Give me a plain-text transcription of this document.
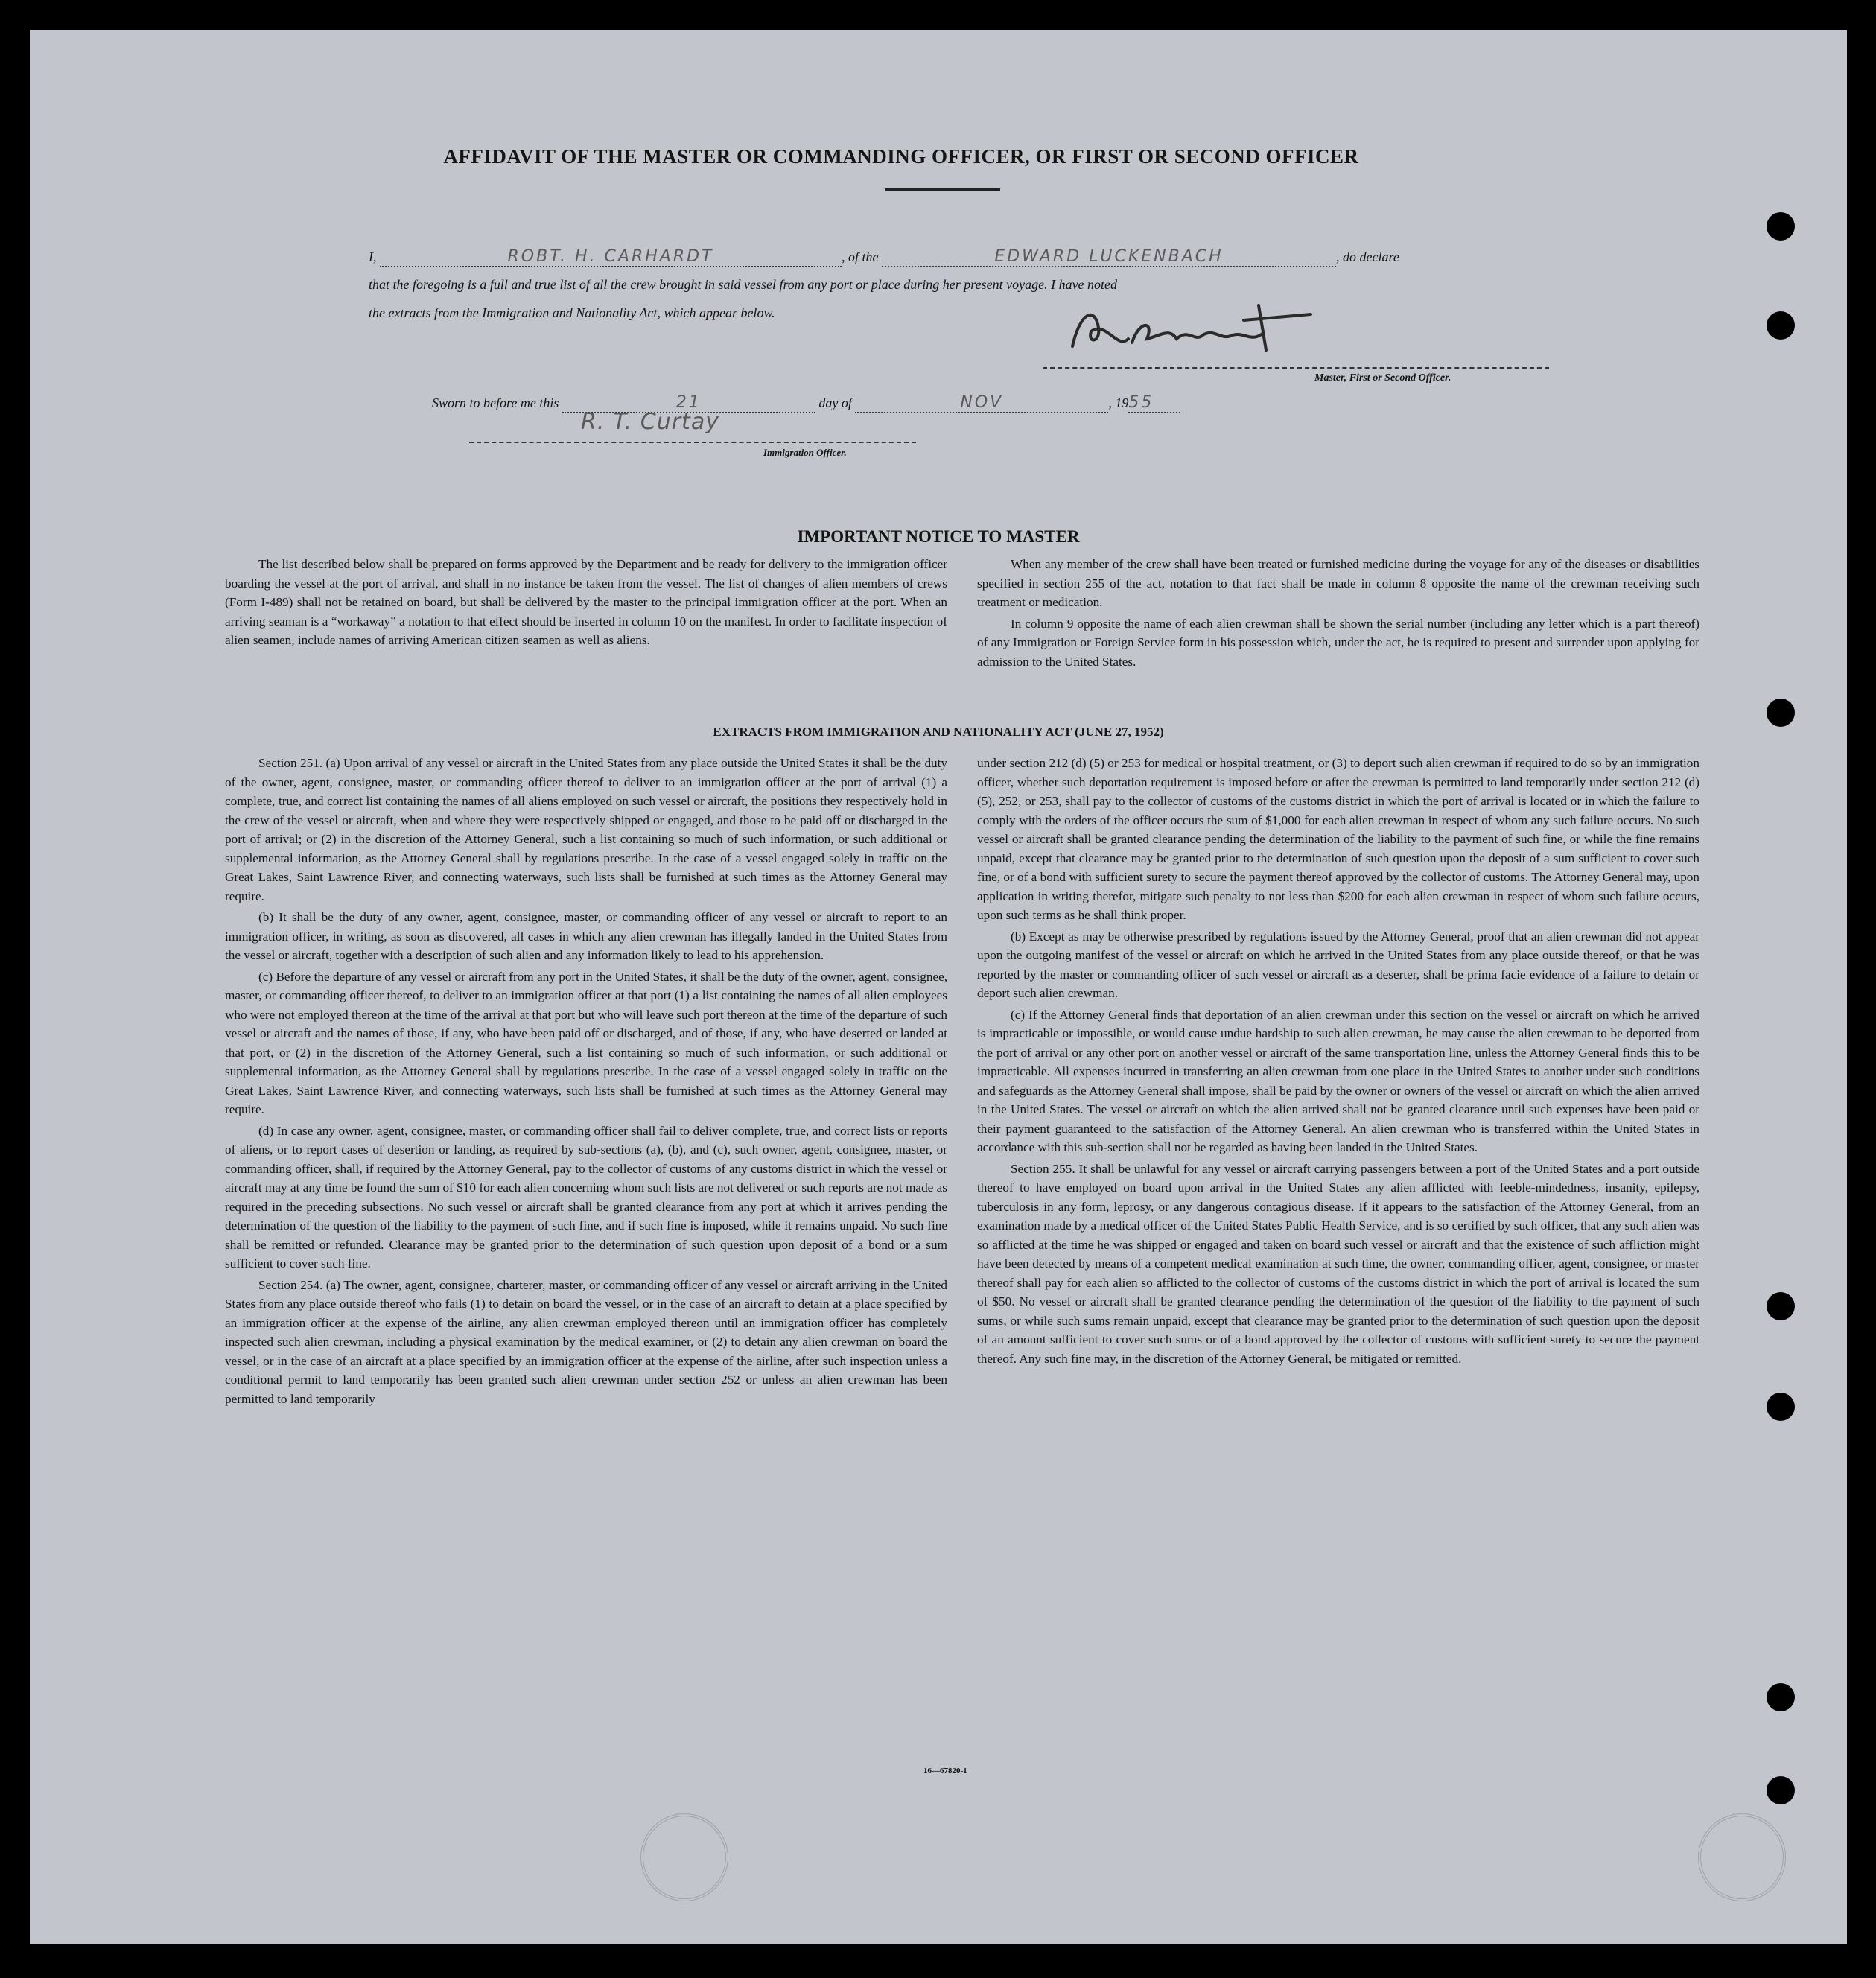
AFFIDAVIT OF THE MASTER OR COMMANDING OFFICER, OR FIRST OR SECOND OFFICER
I,	ROBT. H. CARHARDT	, of the	EDWARD LUCKENBACH	, do declare
that the foregoing is a full and true list of all the crew brought in said vessel from any port or place during her present voyage. I have noted
the extracts from the Immigration and Nationality Act, which appear below.
Master, First or Second Officer.
Sworn to before me this	21	day of	NOV	, 1955
R. T. Curtay
Immigration Officer.
IMPORTANT NOTICE TO MASTER

The list described below shall be prepared on forms approved by the Department and be ready for delivery to the immigration officer boarding the vessel at the port of arrival, and shall in no instance be taken from the vessel. The list of changes of alien members of crews (Form I-489) shall not be retained on board, but shall be delivered by the master to the principal immigration officer at the port. When an arriving seaman is a “workaway” a notation to that effect should be inserted in column 10 on the manifest. In order to facilitate inspection of alien seamen, include names of arriving American citizen seamen as well as aliens.

When any member of the crew shall have been treated or furnished medicine during the voyage for any of the diseases or disabilities specified in section 255 of the act, notation to that fact shall be made in column 8 opposite the name of the crewman receiving such treatment or medication.

In column 9 opposite the name of each alien crewman shall be shown the serial number (including any letter which is a part thereof) of any Immigration or Foreign Service form in his possession which, under the act, he is required to present and surrender upon applying for admission to the United States.

EXTRACTS FROM IMMIGRATION AND NATIONALITY ACT (JUNE 27, 1952)

Section 251. (a) Upon arrival of any vessel or aircraft in the United States from any place outside the United States it shall be the duty of the owner, agent, consignee, master, or commanding officer thereof to deliver to an immigration officer at the port of arrival (1) a complete, true, and correct list containing the names of all aliens employed on such vessel or aircraft, the positions they respectively hold in the crew of the vessel or aircraft, when and where they were respectively shipped or engaged, and those to be paid off or discharged in the port of arrival; or (2) in the discretion of the Attorney General, such a list containing so much of such information, or such additional or supplemental information, as the Attorney General shall by regulations prescribe. In the case of a vessel engaged solely in traffic on the Great Lakes, Saint Lawrence River, and connecting waterways, such lists shall be furnished at such times as the Attorney General may require.

(b) It shall be the duty of any owner, agent, consignee, master, or commanding officer of any vessel or aircraft to report to an immigration officer, in writing, as soon as discovered, all cases in which any alien crewman has illegally landed in the United States from the vessel or aircraft, together with a description of such alien and any information likely to lead to his apprehension.

(c) Before the departure of any vessel or aircraft from any port in the United States, it shall be the duty of the owner, agent, consignee, master, or commanding officer thereof, to deliver to an immigration officer at that port (1) a list containing the names of all alien employees who were not employed thereon at the time of the arrival at that port but who will leave such port thereon at the time of the departure of such vessel or aircraft and the names of those, if any, who have been paid off or discharged, and of those, if any, who have deserted or landed at that port, or (2) in the discretion of the Attorney General, such a list containing so much of such information, or such additional or supplemental information, as the Attorney General shall by regulations prescribe. In the case of a vessel engaged solely in traffic on the Great Lakes, Saint Lawrence River, and connecting waterways, such lists shall be furnished at such times as the Attorney General may require.

(d) In case any owner, agent, consignee, master, or commanding officer shall fail to deliver complete, true, and correct lists or reports of aliens, or to report cases of desertion or landing, as required by sub-sections (a), (b), and (c), such owner, agent, consignee, master, or commanding officer, shall, if required by the Attorney General, pay to the collector of customs of any customs district in which the vessel or aircraft may at any time be found the sum of $10 for each alien concerning whom such lists are not delivered or such reports are not made as required in the preceding subsections. No such vessel or aircraft shall be granted clearance from any port at which it arrives pending the determination of the question of the liability to the payment of such fine, and if such fine is imposed, while it remains unpaid. No such fine shall be remitted or refunded. Clearance may be granted prior to the determination of such question upon deposit of a bond or a sum sufficient to cover such fine.

Section 254. (a) The owner, agent, consignee, charterer, master, or commanding officer of any vessel or aircraft arriving in the United States from any place outside thereof who fails (1) to detain on board the vessel, or in the case of an aircraft to detain at a place specified by an immigration officer at the expense of the airline, any alien crewman employed thereon until an immigration officer has completely inspected such alien crewman, including a physical examination by the medical examiner, or (2) to detain any alien crewman on board the vessel, or in the case of an aircraft at a place specified by an immigration officer at the expense of the airline, after such inspection unless a conditional permit to land temporarily has been granted such alien crewman under section 252 or unless an alien crewman has been permitted to land temporarily

under section 212 (d) (5) or 253 for medical or hospital treatment, or (3) to deport such alien crewman if required to do so by an immigration officer, whether such deportation requirement is imposed before or after the crewman is permitted to land temporarily under section 212 (d) (5), 252, or 253, shall pay to the collector of customs of the customs district in which the port of arrival is located or in which the failure to comply with the orders of the officer occurs the sum of $1,000 for each alien crewman in respect of whom any such failure occurs. No such vessel or aircraft shall be granted clearance pending the determination of the liability to the payment of such fine, or while the fine remains unpaid, except that clearance may be granted prior to the determination of such question upon the deposit of a sum sufficient to cover such fine, or of a bond with sufficient surety to secure the payment thereof approved by the collector of customs. The Attorney General may, upon application in writing therefor, mitigate such penalty to not less than $200 for each alien crewman in respect of whom such failure occurs, upon such terms as he shall think proper.

(b) Except as may be otherwise prescribed by regulations issued by the Attorney General, proof that an alien crewman did not appear upon the outgoing manifest of the vessel or aircraft on which he arrived in the United States from any place outside thereof, or that he was reported by the master or commanding officer of such vessel or aircraft as a deserter, shall be prima facie evidence of a failure to detain or deport such alien crewman.

(c) If the Attorney General finds that deportation of an alien crewman under this section on the vessel or aircraft on which he arrived is impracticable or impossible, or would cause undue hardship to such alien crewman, he may cause the alien crewman to be deported from the port of arrival or any other port on another vessel or aircraft of the same transportation line, unless the Attorney General finds this to be impracticable. All expenses incurred in transferring an alien crewman from one place in the United States to another under such conditions and safeguards as the Attorney General shall impose, shall be paid by the owner or owners of the vessel or aircraft on which the alien arrived in the United States. The vessel or aircraft on which the alien arrived shall not be granted clearance until such expenses have been paid or their payment guaranteed to the satisfaction of the Attorney General. An alien crewman who is transferred within the United States in accordance with this sub-section shall not be regarded as having been landed in the United States.

Section 255. It shall be unlawful for any vessel or aircraft carrying passengers between a port of the United States and a port outside thereof to have employed on board upon arrival in the United States any alien afflicted with feeble-mindedness, insanity, epilepsy, tuberculosis in any form, leprosy, or any dangerous contagious disease. If it appears to the satisfaction of the Attorney General, from an examination made by a medical officer of the United States Public Health Service, and is so certified by such officer, that any such alien was so afflicted at the time he was shipped or engaged and taken on board such vessel or aircraft and that the existence of such affliction might have been detected by means of a competent medical examination at such time, the owner, commanding officer, agent, consignee, or master thereof shall pay for each alien so afflicted to the collector of customs of the customs district in which the port of arrival is located the sum of $50. No vessel or aircraft shall be granted clearance pending the determination of the question of the liability to the payment of such sums, or while such sums remain unpaid, except that clearance may be granted prior to the determination of such question upon the deposit of an amount sufficient to cover such sums or of a bond approved by the collector of customs with sufficient surety to secure the payment thereof. Any such fine may, in the discretion of the Attorney General, be mitigated or remitted.

16—67820-1
